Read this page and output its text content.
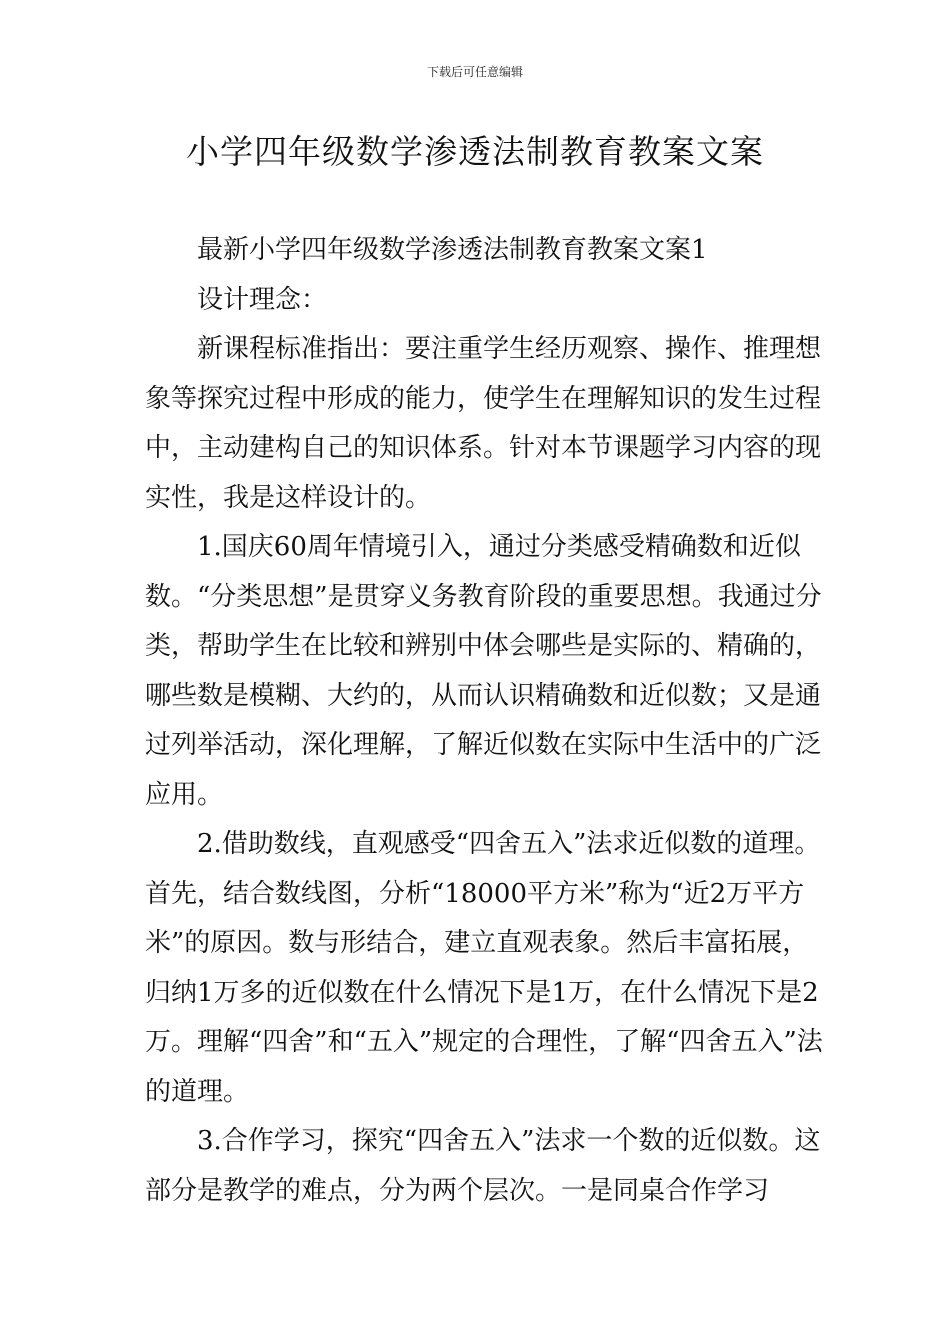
下载后可任意编辑
小学四年级数学渗透法制教育教案文案

最新小学四年级数学渗透法制教育教案文案1

设计理念：

新课程标准指出：要注重学生经历观察、操作、推理想象等探究过程中形成的能力，使学生在理解知识的发生过程中，主动建构自己的知识体系。针对本节课题学习内容的现实性，我是这样设计的。

1.国庆60周年情境引入，通过分类感受精确数和近似数。“分类思想”是贯穿义务教育阶段的重要思想。我通过分类，帮助学生在比较和辨别中体会哪些是实际的、精确的，哪些数是模糊、大约的，从而认识精确数和近似数；又是通过列举活动，深化理解，了解近似数在实际中生活中的广泛应用。

2.借助数线，直观感受“四舍五入”法求近似数的道理。首先，结合数线图，分析“18000平方米”称为“近2万平方米”的原因。数与形结合，建立直观表象。然后丰富拓展，归纳1万多的近似数在什么情况下是1万，在什么情况下是2万。理解“四舍”和“五入”规定的合理性，了解“四舍五入”法的道理。

3.合作学习，探究“四舍五入”法求一个数的近似数。这部分是教学的难点，分为两个层次。一是同桌合作学习
